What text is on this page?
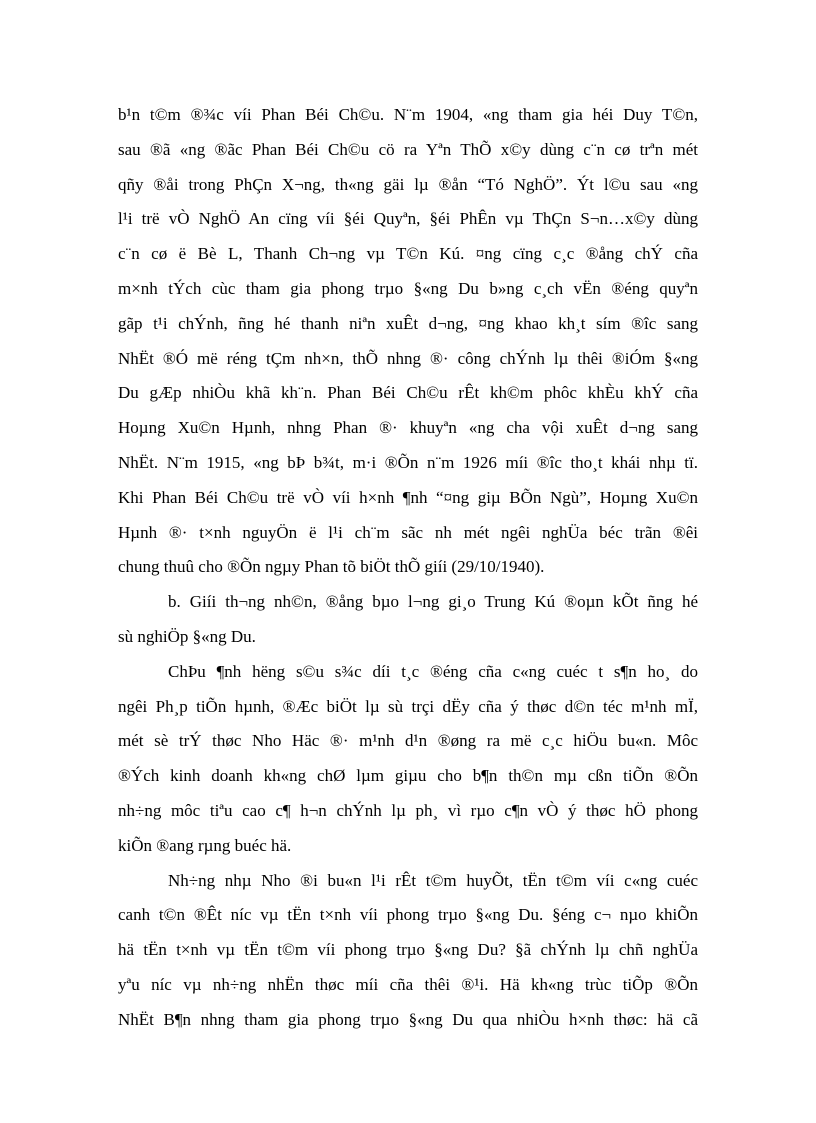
b¹n t©m ®¾c víi Phan Béi Ch©u. N¨m 1904, «ng tham gia héi Duy T©n,
sau ®ã «ng ®ãc Phan Béi Ch©u cö ra Yªn ThÕ x©y dùng c¨n cø trªn mét
qñy ®åi trong PhÇn X¬ng, th«ng gäi lµ ®ån “Tó NghÖ”. Ýt l©u sau «ng
l¹i trë vÒ NghÖ An cïng víi §éi Quyªn, §éi PhÊn vµ ThÇn S¬n…x©y dùng
c¨n cø ë Bè L, Thanh Ch¬ng vµ T©n Kú. ¤ng cïng c¸c ®ång chÝ cña
m×nh tÝch cùc tham gia phong trµo §«ng Du b»ng c¸ch vËn ®éng quyªn
gãp t¹i chÝnh, ñng hé thanh niªn xuÊt d¬ng, ¤ng khao kh¸t sím ®îc sang
NhËt ®Ó më réng tÇm nh×n, thÕ nhng ®· công chÝnh lµ thêi ®iÓm §«ng
Du gÆp nhiÒu khã kh¨n. Phan Béi Ch©u rÊt kh©m phôc khÈu khÝ cña
Hoµng Xu©n Hµnh, nhng Phan ®· khuyªn «ng cha vội xuÊt d¬ng sang
NhËt. N¨m 1915, «ng bÞ b¾t, m·i ®Õn n¨m 1926 míi ®îc tho¸t khái nhµ tï.
Khi Phan Béi Ch©u trë vÒ víi h×nh ¶nh “¤ng giµ BÕn Ngù”, Hoµng Xu©n
Hµnh ®· t×nh nguyÖn ë l¹i ch¨m sãc nh mét ngêi nghÜa béc trãn ®êi
chung thuû cho ®Õn ngµy Phan tõ biÖt thÕ giíi (29/10/1940).

b. Giíi th¬ng nh©n, ®ång bµo l¬ng gi¸o Trung Kú ®oµn kÕt ñng hé
sù nghiÖp §«ng Du.

ChÞu ¶nh hëng s©u s¾c díi t¸c ®éng cña c«ng cuéc t s¶n ho¸ do
ngêi Ph¸p tiÕn hµnh, ®Æc biÖt lµ sù trçi dËy cña ý thøc d©n téc m¹nh mÏ,
mét sè trÝ thøc Nho Häc ®· m¹nh d¹n ®øng ra më c¸c hiÖu bu«n. Môc
®Ých kinh doanh kh«ng chØ lµm giµu cho b¶n th©n mµ cßn tiÕn ®Õn
nh÷ng môc tiªu cao c¶ h¬n chÝnh lµ ph¸ vì rµo c¶n vÒ ý thøc hÖ phong
kiÕn ®ang rµng buéc hä.

Nh÷ng nhµ Nho ®i bu«n l¹i rÊt t©m huyÕt, tËn t©m víi c«ng cuéc
canh t©n ®Êt níc vµ tËn t×nh víi phong trµo §«ng Du. §éng c¬ nµo khiÕn
hä tËn t×nh vµ tËn t©m víi phong trµo §«ng Du? §ã chÝnh lµ chñ nghÜa
yªu níc vµ nh÷ng nhËn thøc míi cña thêi ®¹i. Hä kh«ng trùc tiÕp ®Õn
NhËt B¶n nhng tham gia phong trµo §«ng Du qua nhiÒu h×nh thøc: hä cã
